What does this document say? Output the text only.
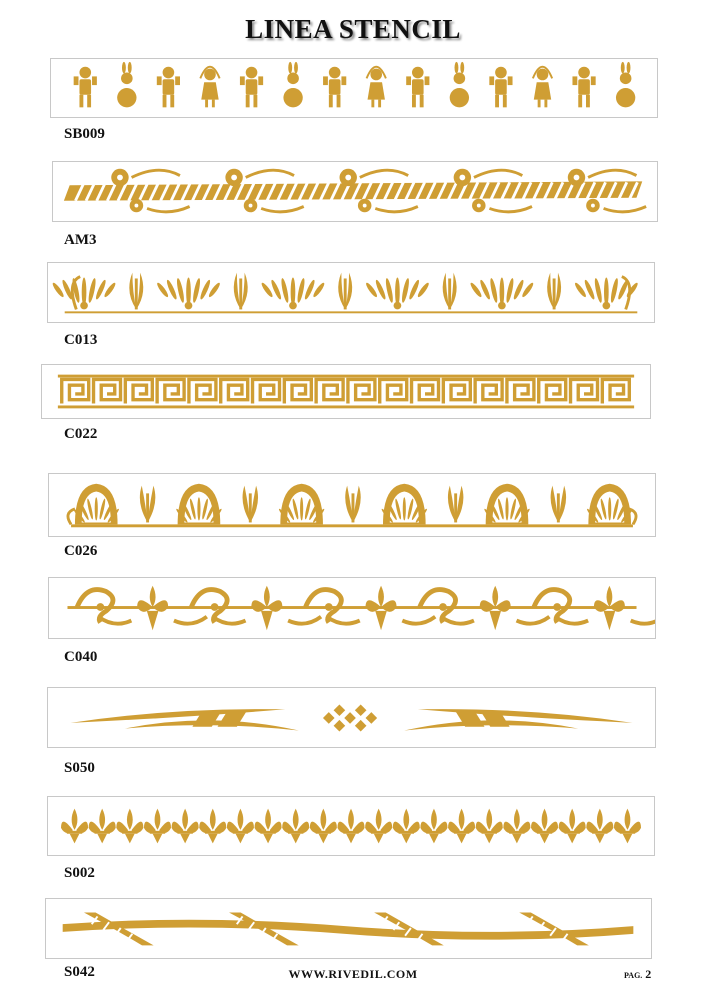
LINEA STENCIL
SB009
AM3
C013
C022
C026
C040
S050
S002
S042	WWW.RIVEDIL.COM	PAG. 2
